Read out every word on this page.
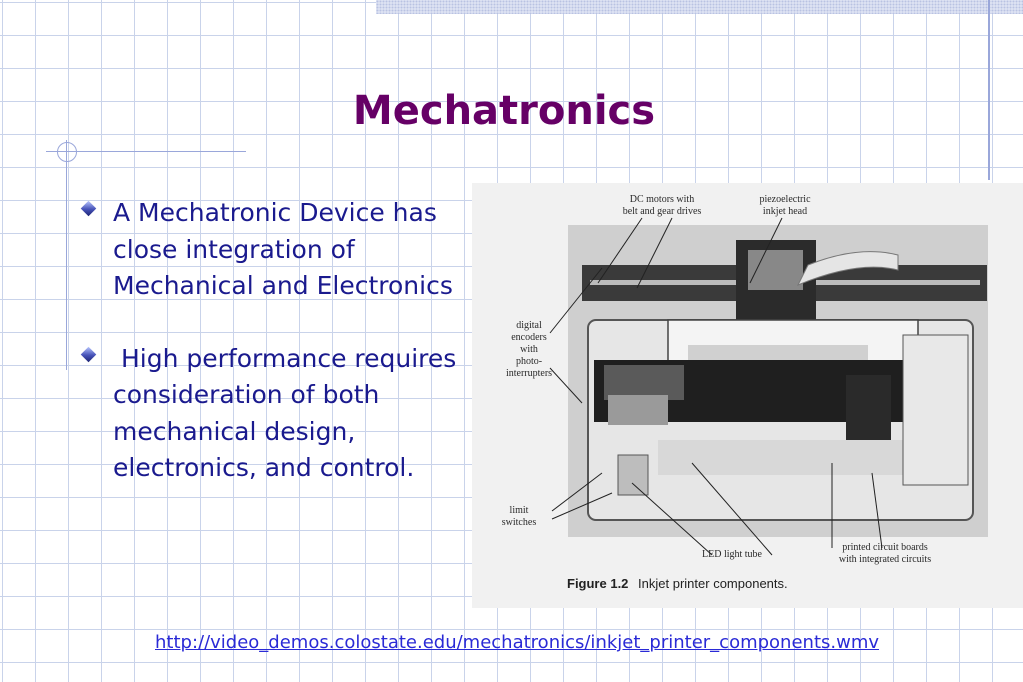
Mechatronics
A Mechatronic Device has close integration of Mechanical and Electronics
High performance requires consideration of both mechanical design, electronics, and control.
DC motors with
belt and gear drives
piezoelectric
inkjet head
digital
encoders
with
photo-
interrupters
limit
switches
LED light tube
printed circuit boards
with integrated circuits
Figure 1.2 Inkjet printer components.
http://video_demos.colostate.edu/mechatronics/inkjet_printer_components.wmv
